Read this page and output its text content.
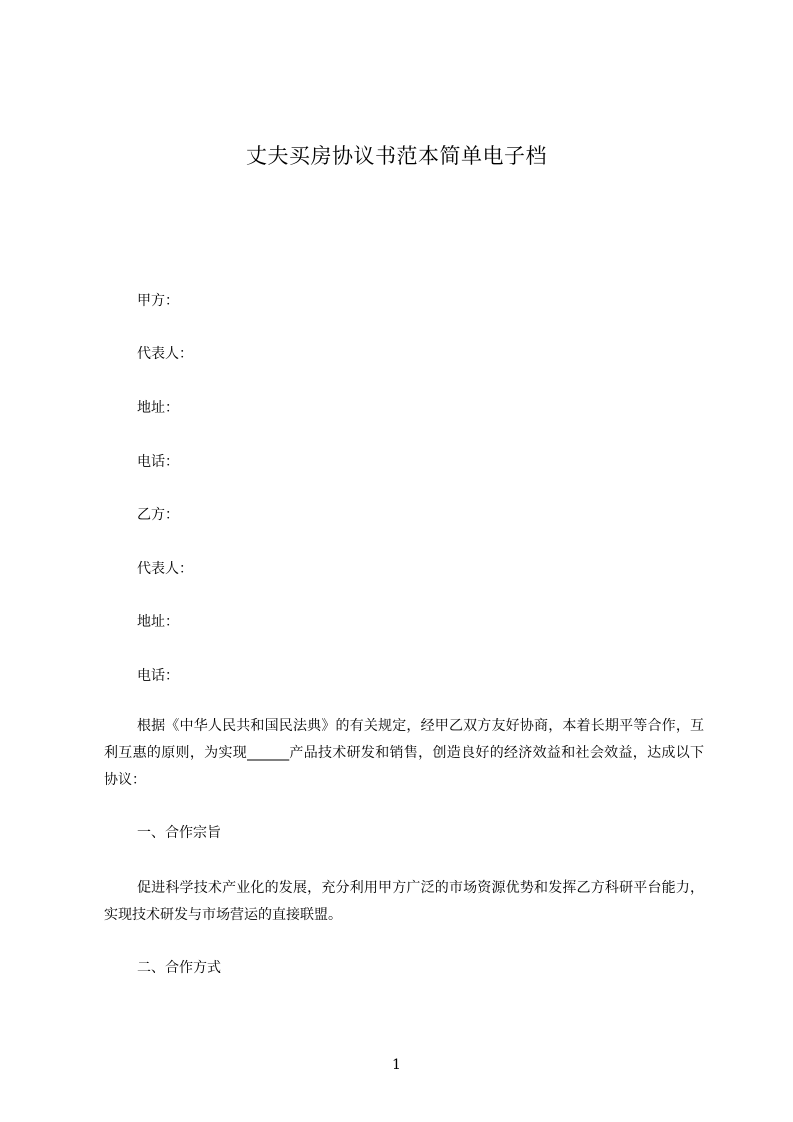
丈夫买房协议书范本简单电子档
甲方：
代表人：
地址：
电话：
乙方：
代表人：
地址：
电话：
根据《中华人民共和国民法典》的有关规定，经甲乙双方友好协商，本着长期平等合作，互利互惠的原则，为实现______产品技术研发和销售，创造良好的经济效益和社会效益，达成以下协议：
一、合作宗旨
促进科学技术产业化的发展，充分利用甲方广泛的市场资源优势和发挥乙方科研平台能力，实现技术研发与市场营运的直接联盟。
二、合作方式
1
